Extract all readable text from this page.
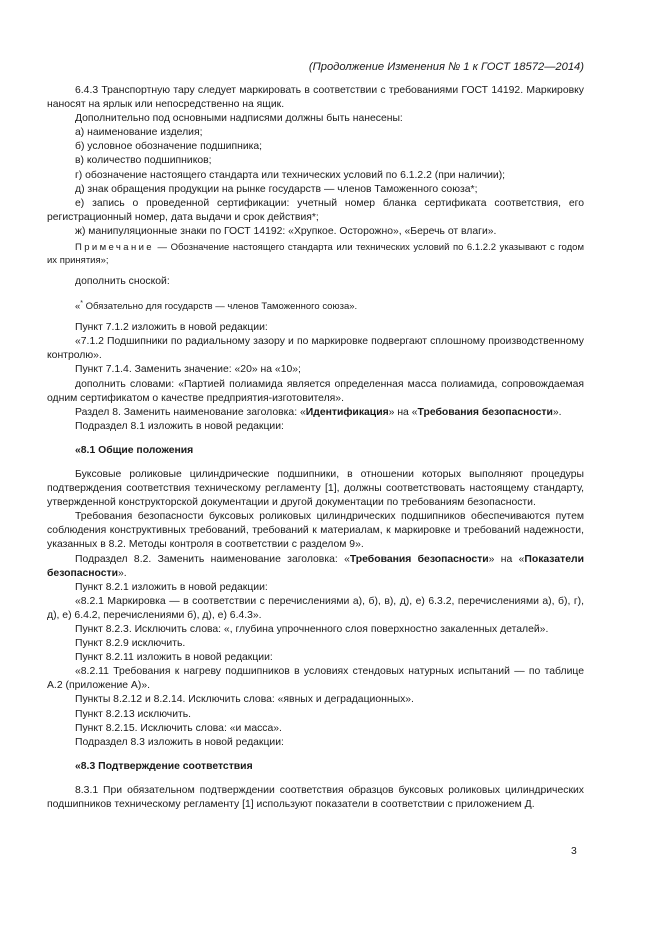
(Продолжение Изменения № 1 к ГОСТ 18572—2014)

6.4.3 Транспортную тару следует маркировать в соответствии с требованиями ГОСТ 14192. Маркировку наносят на ярлык или непосредственно на ящик.

Дополнительно под основными надписями должны быть нанесены:

а) наименование изделия;

б) условное обозначение подшипника;

в) количество подшипников;

г) обозначение настоящего стандарта или технических условий по 6.1.2.2 (при наличии);

д) знак обращения продукции на рынке государств — членов Таможенного союза*;

е) запись о проведенной сертификации: учетный номер бланка сертификата соответствия, его регистрационный номер, дата выдачи и срок действия*;

ж) манипуляционные знаки по ГОСТ 14192: «Хрупкое. Осторожно», «Беречь от влаги».

Примечание — Обозначение настоящего стандарта или технических условий по 6.1.2.2 указывают с годом их принятия»;

дополнить сноской:

«* Обязательно для государств — членов Таможенного союза».

Пункт 7.1.2 изложить в новой редакции:

«7.1.2 Подшипники по радиальному зазору и по маркировке подвергают сплошному производственному контролю».

Пункт 7.1.4. Заменить значение: «20» на «10»;

дополнить словами: «Партией полиамида является определенная масса полиамида, сопровождаемая одним сертификатом о качестве предприятия-изготовителя».

Раздел 8. Заменить наименование заголовка: «Идентификация» на «Требования безопасности».

Подраздел 8.1 изложить в новой редакции:

«8.1 Общие положения

Буксовые роликовые цилиндрические подшипники, в отношении которых выполняют процедуры подтверждения соответствия техническому регламенту [1], должны соответствовать настоящему стандарту, утвержденной конструкторской документации и другой документации по требованиям безопасности.

Требования безопасности буксовых роликовых цилиндрических подшипников обеспечиваются путем соблюдения конструктивных требований, требований к материалам, к маркировке и требований надежности, указанных в 8.2. Методы контроля в соответствии с разделом 9».

Подраздел 8.2. Заменить наименование заголовка: «Требования безопасности» на «Показатели безопасности».

Пункт 8.2.1 изложить в новой редакции:

«8.2.1 Маркировка — в соответствии с перечислениями а), б), в), д), е) 6.3.2, перечислениями а), б), г), д), е) 6.4.2, перечислениями б), д), е) 6.4.3».

Пункт 8.2.3. Исключить слова: «, глубина упрочненного слоя поверхностно закаленных деталей».

Пункт 8.2.9 исключить.

Пункт 8.2.11 изложить в новой редакции:

«8.2.11 Требования к нагреву подшипников в условиях стендовых натурных испытаний — по таблице А.2 (приложение А)».

Пункты 8.2.12 и 8.2.14. Исключить слова: «явных и деградационных».

Пункт 8.2.13 исключить.

Пункт 8.2.15. Исключить слова: «и масса».

Подраздел 8.3 изложить в новой редакции:

«8.3 Подтверждение соответствия

8.3.1 При обязательном подтверждении соответствия образцов буксовых роликовых цилиндрических подшипников техническому регламенту [1] используют показатели в соответствии с приложением Д.

3
